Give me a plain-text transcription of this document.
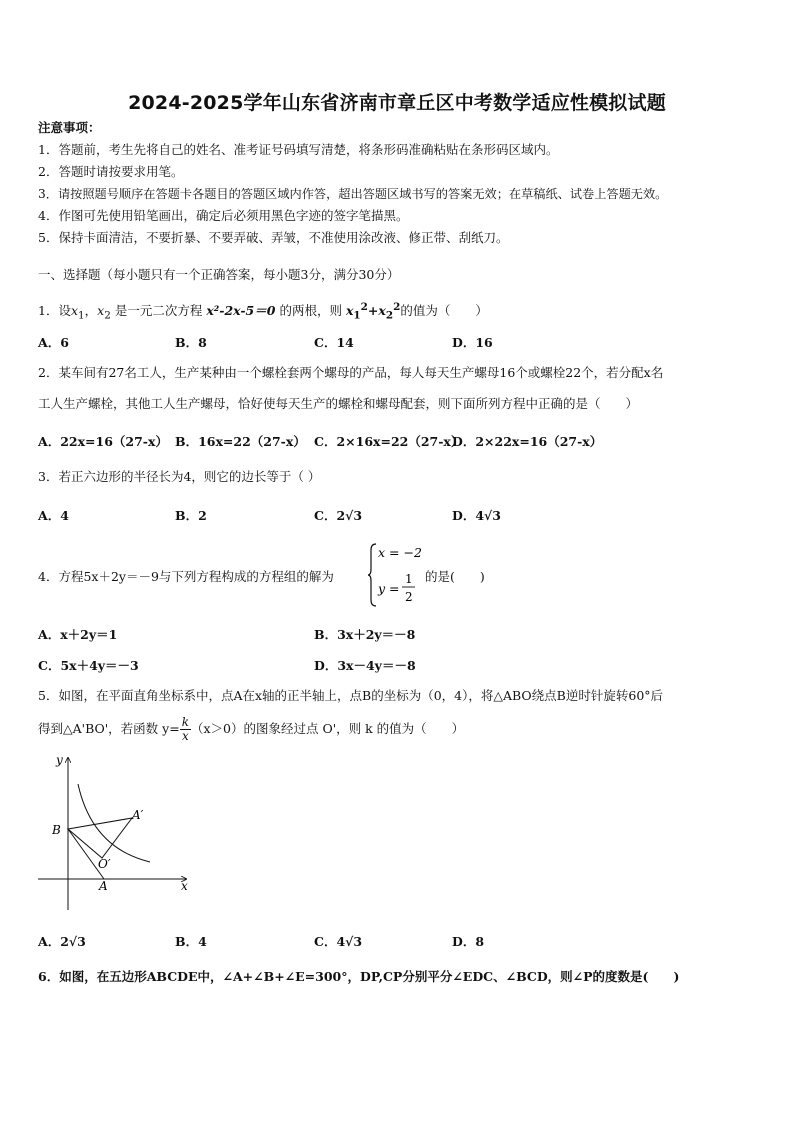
2024-2025学年山东省济南市章丘区中考数学适应性模拟试题
注意事项：
1．答题前，考生先将自己的姓名、准考证号码填写清楚，将条形码准确粘贴在条形码区域内。
2．答题时请按要求用笔。
3．请按照题号顺序在答题卡各题目的答题区域内作答，超出答题区域书写的答案无效；在草稿纸、试卷上答题无效。
4．作图可先使用铅笔画出，确定后必须用黑色字迹的签字笔描黑。
5．保持卡面清洁，不要折暴、不要弄破、弄皱，不准使用涂改液、修正带、刮纸刀。
一、选择题（每小题只有一个正确答案，每小题3分，满分30分）
1．设$x_1$，$x_2$ 是一元二次方程 x²-2x-5＝0 的两根，则 $x_1^2+x_2^2$的值为（　　）
A．6	B．8	C．14	D．16
2．某车间有27名工人，生产某种由一个螺栓套两个螺母的产品，每人每天生产螺母16个或螺栓22个，若分配x名
工人生产螺栓，其他工人生产螺母，恰好使每天生产的螺栓和螺母配套，则下面所列方程中正确的是（　　）
A．22x=16（27-x） B．16x=22（27-x） C．2×16x=22（27-x）
D．2×22x=16（27-x）
3．若正六边形的半径长为4，则它的边长等于（ ）
A．4	B．2	C．2√3	D．4√3
4．方程5x＋2y＝－9与下列方程构成的方程组的解为
x = −2
y =
1
2
的是(　　)
A．x＋2y＝1	B．3x＋2y＝－8
C．5x＋4y＝－3	D．3x－4y＝－8
5．如图，在平面直角坐标系中，点A在x轴的正半轴上，点B的坐标为（0，4），将△ABO绕点B逆时针旋转60°后
得到△A'BO'，若函数 $y= \frac{k}{x} (x>0)$的图象经过点 O'，则 k 的值为（　　）
y
x
B
A
A′
O′
A．2√3	B．4	C．4√3	D．8
6．如图，在五边形ABCDE中，∠A+∠B+∠E=300°，DP,CP分别平分∠EDC、∠BCD，则∠P的度数是(　　)
